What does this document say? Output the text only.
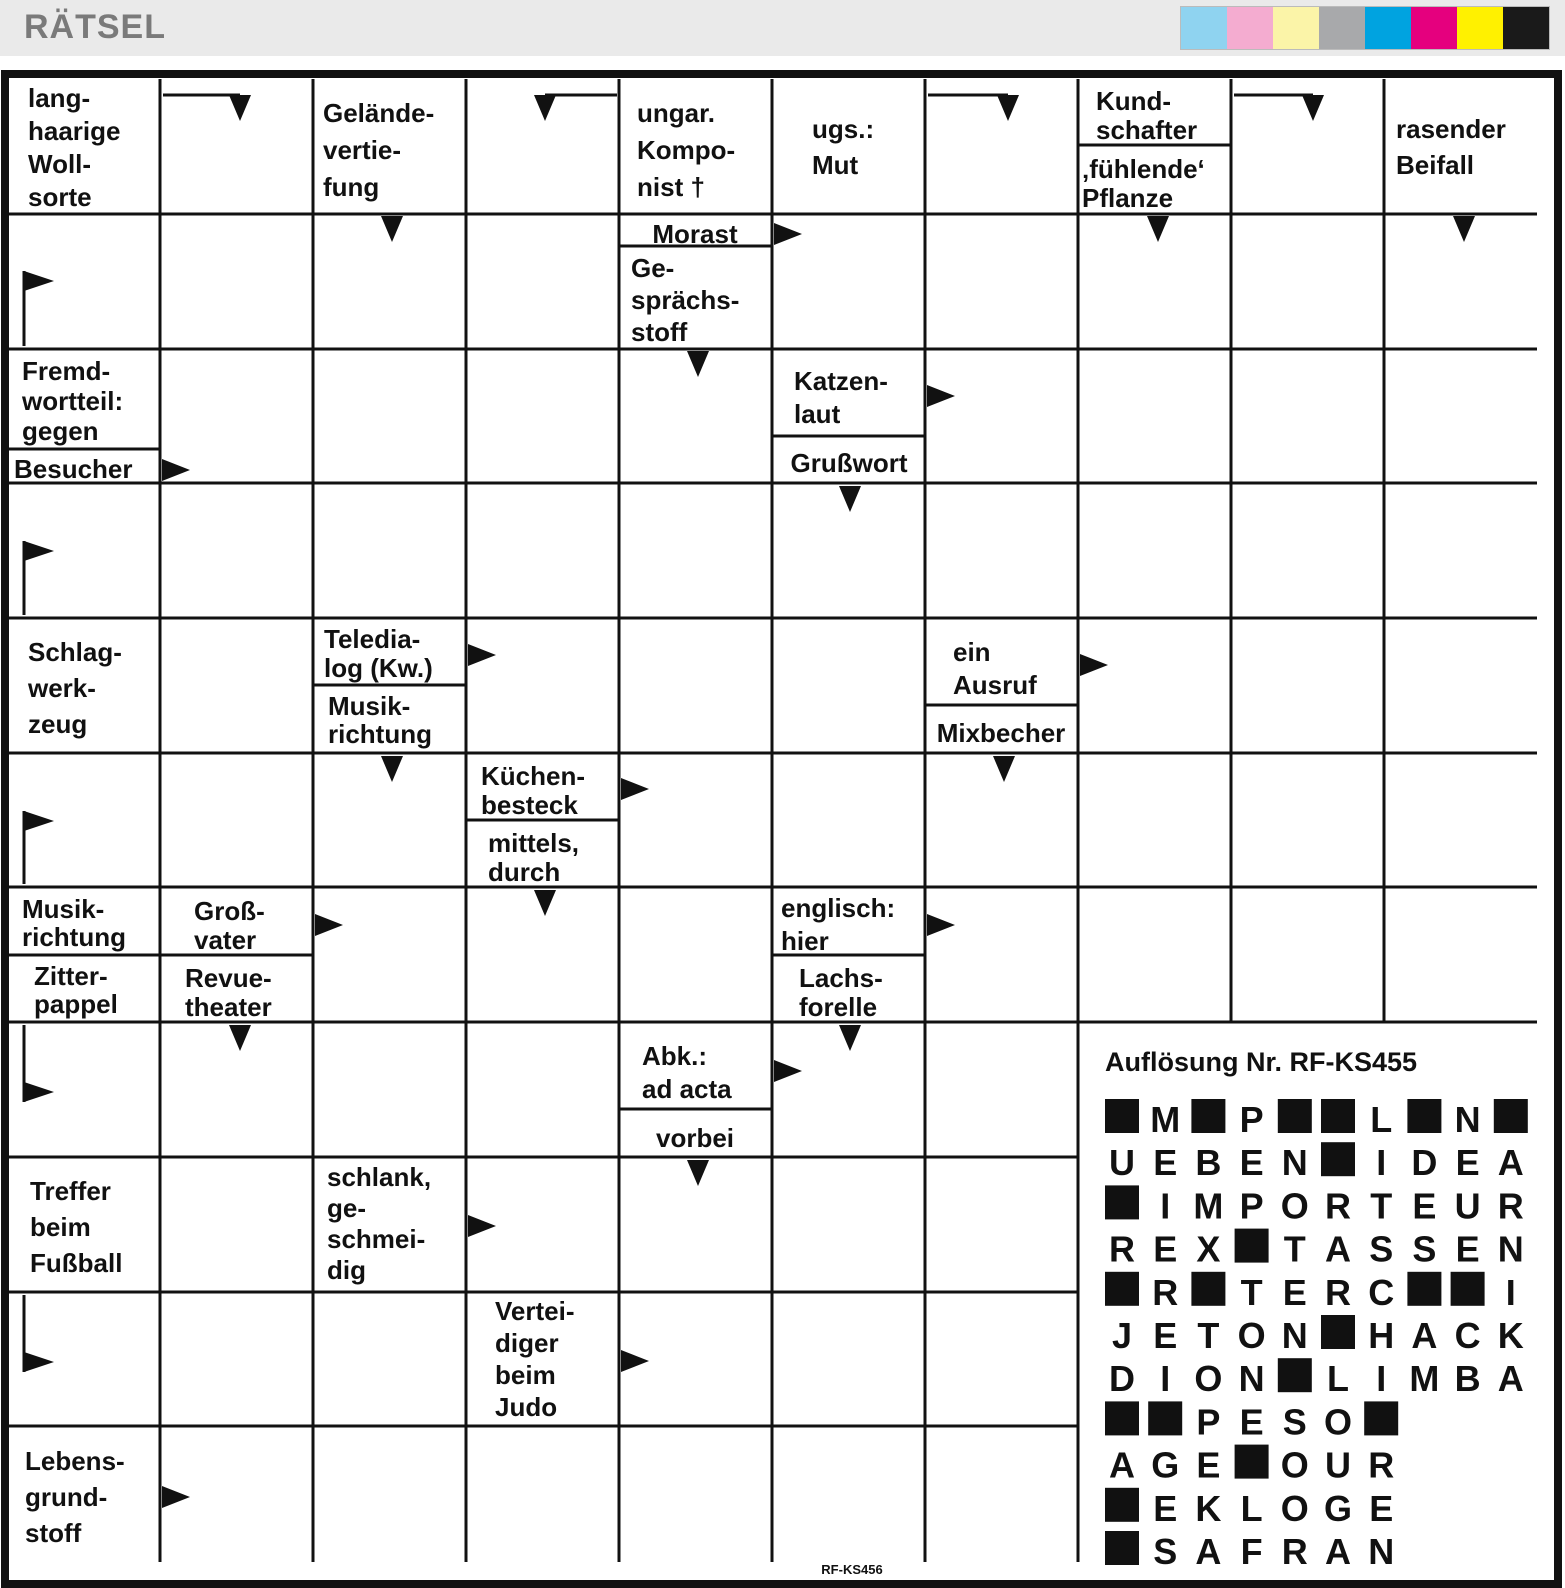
RÄTSEL
lang-haarige Woll-sorte
Gelände-vertie-fung
ungar. Kompo-nist †
ugs.: Mut
Kund-schafter
‚fühlende‘ Pflanze
rasender Beifall
Morast
Ge-sprächs-stoff
Fremd-wortteil: gegen
Besucher
Katzen-laut
Grußwort
Schlag-werk-zeug
Teledia-log (Kw.)
Musik-richtung
ein Ausruf
Mixbecher
Küchen-besteck
mittels, durch
Musik-richtung
Zitter-pappel
Groß-vater
Revue-theater
englisch: hier
Lachs-forelle
Abk.: ad acta
vorbei
Treffer beim Fußball
schlank, ge-schmei-dig
Vertei-diger beim Judo
Lebens-grund-stoff
RF-KS456
Auflösung Nr. RF-KS455
M P	L N
U E B E N I D E A
I M P O R T E U R
R E X T A S S E N
R T E R C	I
J E T O N H A C K
D I O N L I M B A
P E S O
A G E O U R
E K L O G E
S A F R A N
